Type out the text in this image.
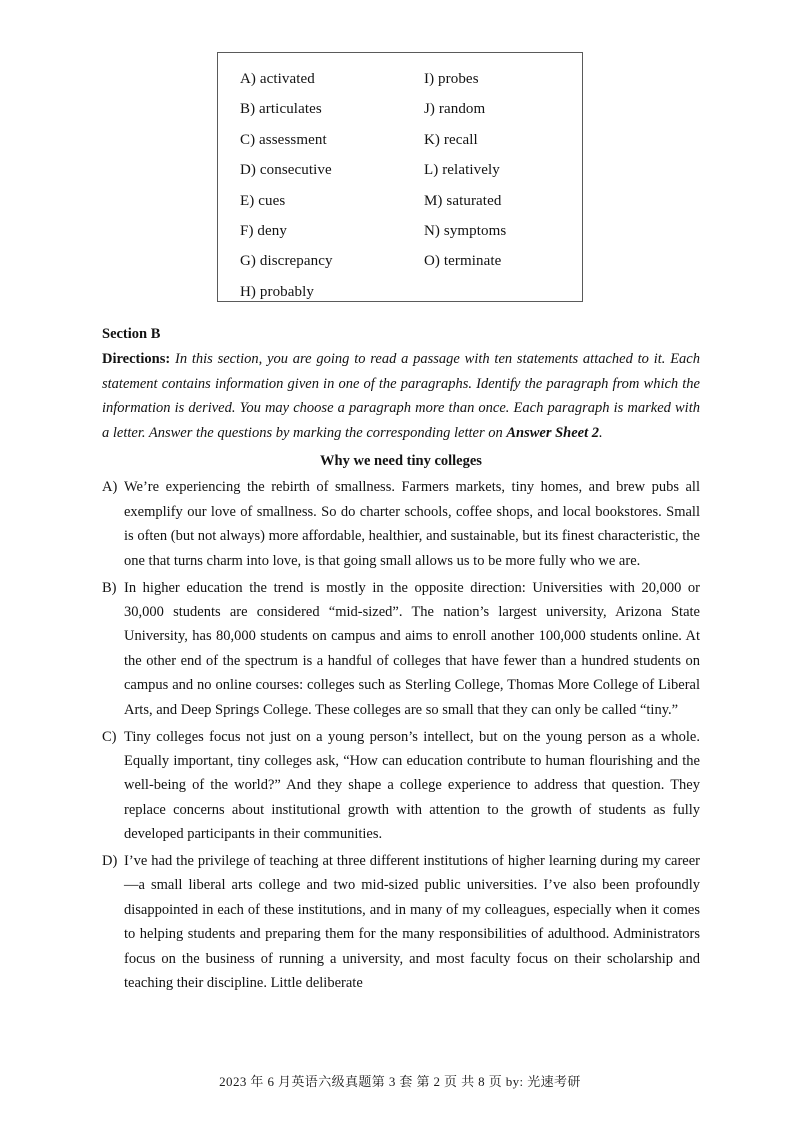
A) activated
B) articulates
C) assessment
D) consecutive
E) cues
F) deny
G) discrepancy
H) probably
I) probes
J) random
K) recall
L) relatively
M) saturated
N) symptoms
O) terminate
Section B

Directions: In this section, you are going to read a passage with ten statements attached to it. Each statement contains information given in one of the paragraphs. Identify the paragraph from which the information is derived. You may choose a paragraph more than once. Each paragraph is marked with a letter. Answer the questions by marking the corresponding letter on Answer Sheet 2.

Why we need tiny colleges
A) We’re experiencing the rebirth of smallness. Farmers markets, tiny homes, and brew pubs all exemplify our love of smallness. So do charter schools, coffee shops, and local bookstores. Small is often (but not always) more affordable, healthier, and sustainable, but its finest characteristic, the one that turns charm into love, is that going small allows us to be more fully who we are.
B) In higher education the trend is mostly in the opposite direction: Universities with 20,000 or 30,000 students are considered “mid-sized”. The nation’s largest university, Arizona State University, has 80,000 students on campus and aims to enroll another 100,000 students online. At the other end of the spectrum is a handful of colleges that have fewer than a hundred students on campus and no online courses: colleges such as Sterling College, Thomas More College of Liberal Arts, and Deep Springs College. These colleges are so small that they can only be called “tiny.”
C) Tiny colleges focus not just on a young person’s intellect, but on the young person as a whole. Equally important, tiny colleges ask, “How can education contribute to human flourishing and the well-being of the world?” And they shape a college experience to address that question. They replace concerns about institutional growth with attention to the growth of students as fully developed participants in their communities.
D) I’ve had the privilege of teaching at three different institutions of higher learning during my career—a small liberal arts college and two mid-sized public universities. I’ve also been profoundly disappointed in each of these institutions, and in many of my colleagues, especially when it comes to helping students and preparing them for the many responsibilities of adulthood. Administrators focus on the business of running a university, and most faculty focus on their scholarship and teaching their discipline. Little deliberate
2023 年 6 月英语六级真题第 3 套 第 2 页 共 8 页 by: 光速考研
